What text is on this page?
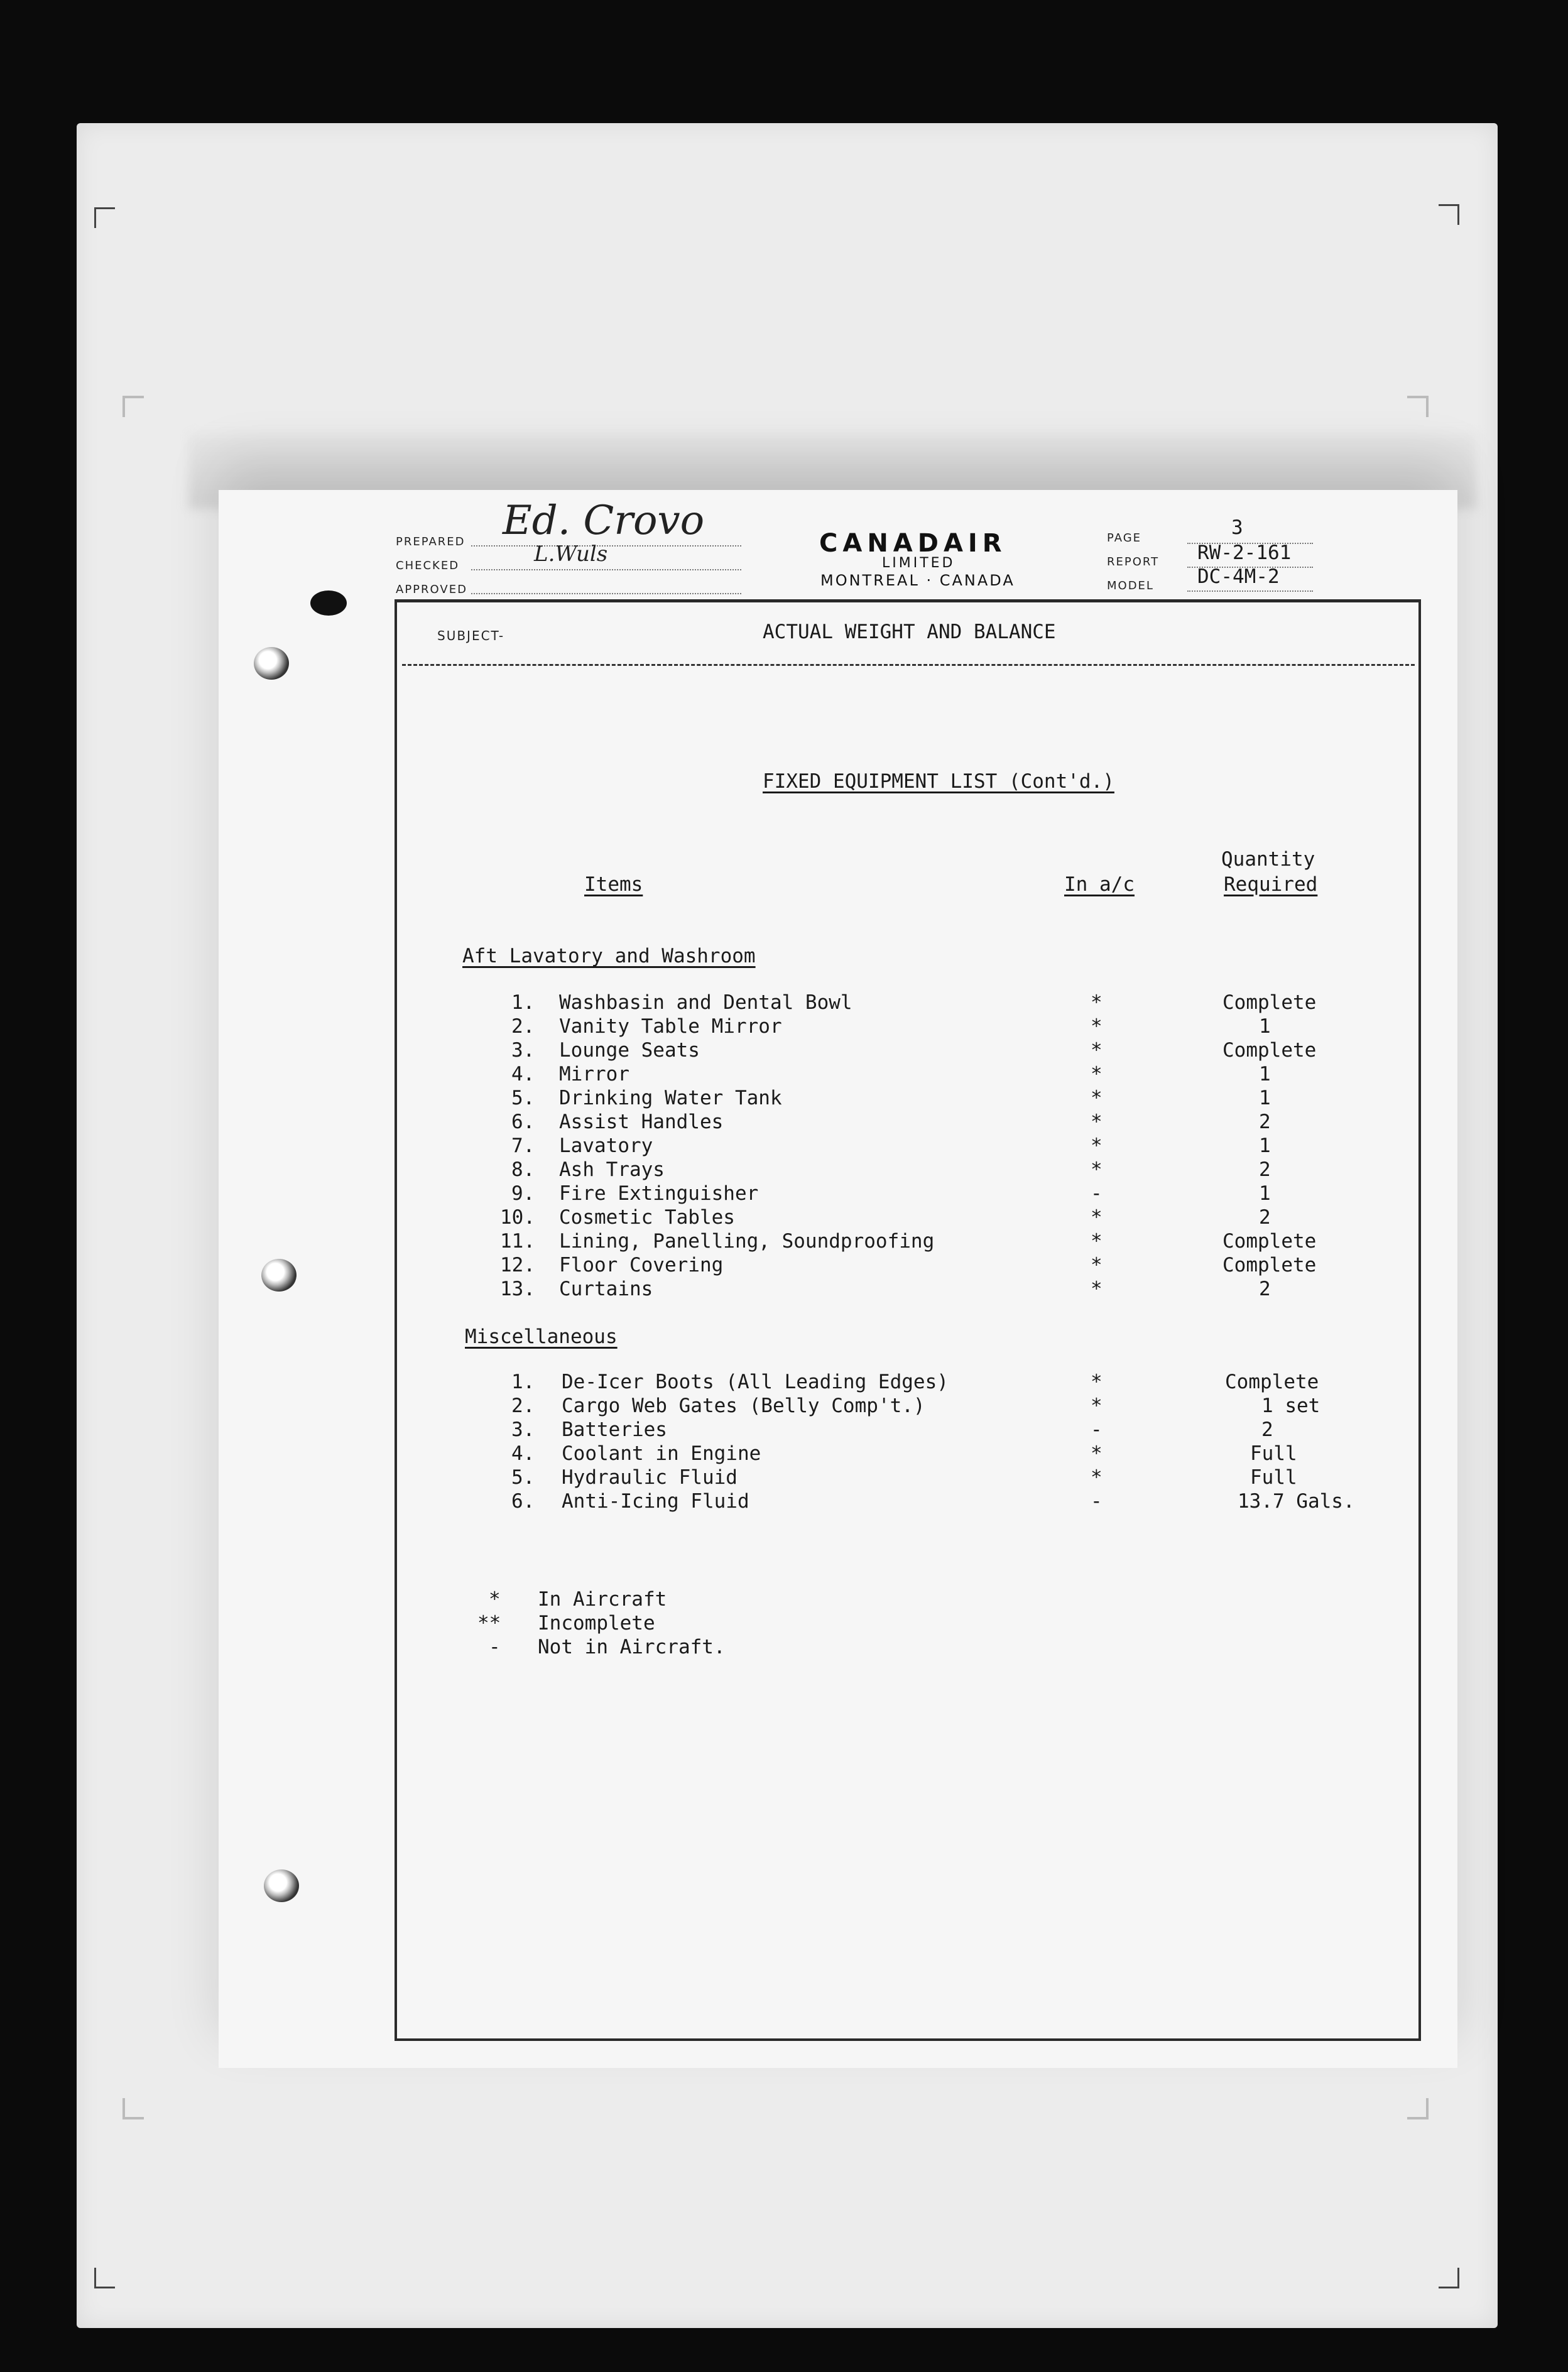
PREPARED
CHECKED
APPROVED
Ed. Crovo
L.Wuls	CANADAIR
LIMITED
MONTREAL · CANADA
PAGE
REPORT
MODEL
3
RW-2-161
DC-4M-2
SUBJECT-	ACTUAL WEIGHT AND BALANCE
FIXED EQUIPMENT LIST (Cont'd.)
Items	In a/c
Quantity
Required
Aft Lavatory and Washroom
1. Washbasin and Dental Bowl	*	Complete
2. Vanity Table Mirror	*	1
3. Lounge Seats	*	Complete
4. Mirror	*	1
5. Drinking Water Tank	*	1
6. Assist Handles	*	2
7. Lavatory	*	1
8. Ash Trays	*	2
9. Fire Extinguisher	-	1
10. Cosmetic Tables	*	2
11. Lining, Panelling, Soundproofing	*	Complete
12. Floor Covering	*	Complete
13. Curtains	*	2
Miscellaneous
1. De-Icer Boots (All Leading Edges)	*	Complete
2. Cargo Web Gates (Belly Comp't.)	*	1 set
3. Batteries	-	2
4. Coolant in Engine	*	Full
5. Hydraulic Fluid	*	Full
6. Anti-Icing Fluid	-	13.7 Gals.
* In Aircraft
** Incomplete
- Not in Aircraft.
